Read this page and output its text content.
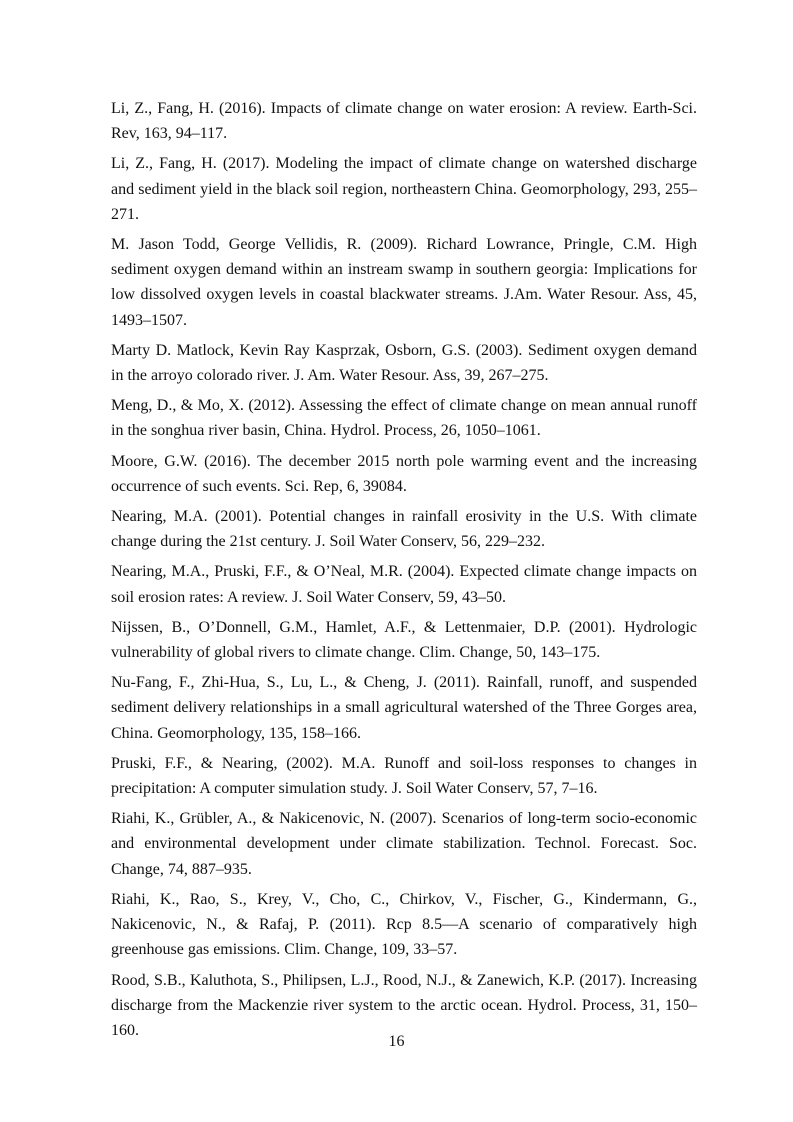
Li, Z., Fang, H. (2016). Impacts of climate change on water erosion: A review. Earth-Sci. Rev, 163, 94–117.
Li, Z., Fang, H. (2017). Modeling the impact of climate change on watershed discharge and sediment yield in the black soil region, northeastern China. Geomorphology, 293, 255–271.
M. Jason Todd, George Vellidis, R. (2009). Richard Lowrance, Pringle, C.M. High sediment oxygen demand within an instream swamp in southern georgia: Implications for low dissolved oxygen levels in coastal blackwater streams. J.Am. Water Resour. Ass, 45, 1493–1507.
Marty D. Matlock, Kevin Ray Kasprzak, Osborn, G.S. (2003). Sediment oxygen demand in the arroyo colorado river. J. Am. Water Resour. Ass, 39, 267–275.
Meng, D., & Mo, X. (2012). Assessing the effect of climate change on mean annual runoff in the songhua river basin, China. Hydrol. Process, 26, 1050–1061.
Moore, G.W. (2016). The december 2015 north pole warming event and the increasing occurrence of such events. Sci. Rep, 6, 39084.
Nearing, M.A. (2001). Potential changes in rainfall erosivity in the U.S. With climate change during the 21st century. J. Soil Water Conserv, 56, 229–232.
Nearing, M.A., Pruski, F.F., & O’Neal, M.R. (2004). Expected climate change impacts on soil erosion rates: A review. J. Soil Water Conserv, 59, 43–50.
Nijssen, B., O’Donnell, G.M., Hamlet, A.F., & Lettenmaier, D.P. (2001). Hydrologic vulnerability of global rivers to climate change. Clim. Change, 50, 143–175.
Nu-Fang, F., Zhi-Hua, S., Lu, L., & Cheng, J. (2011). Rainfall, runoff, and suspended sediment delivery relationships in a small agricultural watershed of the Three Gorges area, China. Geomorphology, 135, 158–166.
Pruski, F.F., & Nearing, (2002). M.A. Runoff and soil-loss responses to changes in precipitation: A computer simulation study. J. Soil Water Conserv, 57, 7–16.
Riahi, K., Grübler, A., & Nakicenovic, N. (2007). Scenarios of long-term socio-economic and environmental development under climate stabilization. Technol. Forecast. Soc. Change, 74, 887–935.
Riahi, K., Rao, S., Krey, V., Cho, C., Chirkov, V., Fischer, G., Kindermann, G., Nakicenovic, N., & Rafaj, P. (2011). Rcp 8.5—A scenario of comparatively high greenhouse gas emissions. Clim. Change, 109, 33–57.
Rood, S.B., Kaluthota, S., Philipsen, L.J., Rood, N.J., & Zanewich, K.P. (2017). Increasing discharge from the Mackenzie river system to the arctic ocean. Hydrol. Process, 31, 150–160.
16
